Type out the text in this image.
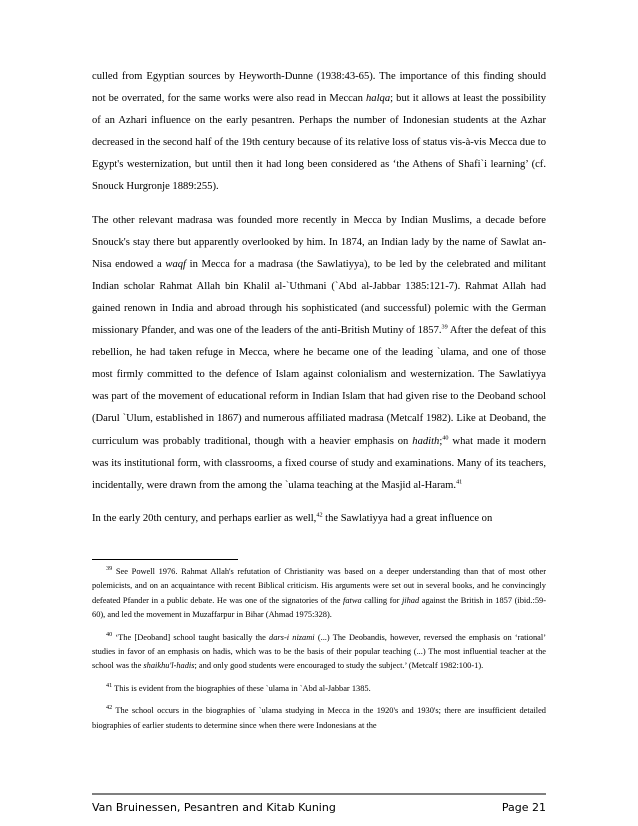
culled from Egyptian sources by Heyworth-Dunne (1938:43-65). The importance of this finding should not be overrated, for the same works were also read in Meccan halqa; but it allows at least the possibility of an Azhari influence on the early pesantren. Perhaps the number of Indonesian students at the Azhar decreased in the second half of the 19th century because of its relative loss of status vis-à-vis Mecca due to Egypt's westernization, but until then it had long been considered as ‘the Athens of Shafi`i learning’ (cf. Snouck Hurgronje 1889:255).

The other relevant madrasa was founded more recently in Mecca by Indian Muslims, a decade before Snouck's stay there but apparently overlooked by him. In 1874, an Indian lady by the name of Sawlat an-Nisa endowed a waqf in Mecca for a madrasa (the Sawlatiyya), to be led by the celebrated and militant Indian scholar Rahmat Allah bin Khalil al-`Uthmani (`Abd al-Jabbar 1385:121-7). Rahmat Allah had gained renown in India and abroad through his sophisticated (and successful) polemic with the German missionary Pfander, and was one of the leaders of the anti-British Mutiny of 1857.39 After the defeat of this rebellion, he had taken refuge in Mecca, where he became one of the leading `ulama, and one of those most firmly committed to the defence of Islam against colonialism and westernization. The Sawlatiyya was part of the movement of educational reform in Indian Islam that had given rise to the Deoband school (Darul `Ulum, established in 1867) and numerous affiliated madrasa (Metcalf 1982). Like at Deoband, the curriculum was probably traditional, though with a heavier emphasis on hadith;$^{40}$ what made it modern was its institutional form, with classrooms, a fixed course of study and examinations. Many of its teachers, incidentally, were drawn from the among the `ulama teaching at the Masjid al-Haram.$^{41}$

In the early 20th century, and perhaps earlier as well,$^{42}$ the Sawlatiyya had a great influence on

$^{39}$ See Powell 1976. Rahmat Allah's refutation of Christianity was based on a deeper understanding than that of most other polemicists, and on an acquaintance with recent Biblical criticism. His arguments were set out in several books, and he convincingly defeated Pfander in a public debate. He was one of the signatories of the fatwa calling for jihad against the British in 1857 (ibid.:59-60), and led the movement in Muzaffarpur in Bihar (Ahmad 1975:328).

$^{40}$ ‘The [Deoband] school taught basically the dars-i nizami (...) The Deobandis, however, reversed the emphasis on ‘rational’ studies in favor of an emphasis on hadis, which was to be the basis of their popular teaching (...) The most influential teacher at the school was the shaikhu'l-hadis; and only good students were encouraged to study the subject.’ (Metcalf 1982:100-1).

$^{41}$ This is evident from the biographies of these `ulama in `Abd al-Jabbar 1385.

$^{42}$ The school occurs in the biographies of `ulama studying in Mecca in the 1920's and 1930's; there are insufficient detailed biographies of earlier students to determine since when there were Indonesians at the

Van Bruinessen, Pesantren and Kitab Kuning	Page 21
